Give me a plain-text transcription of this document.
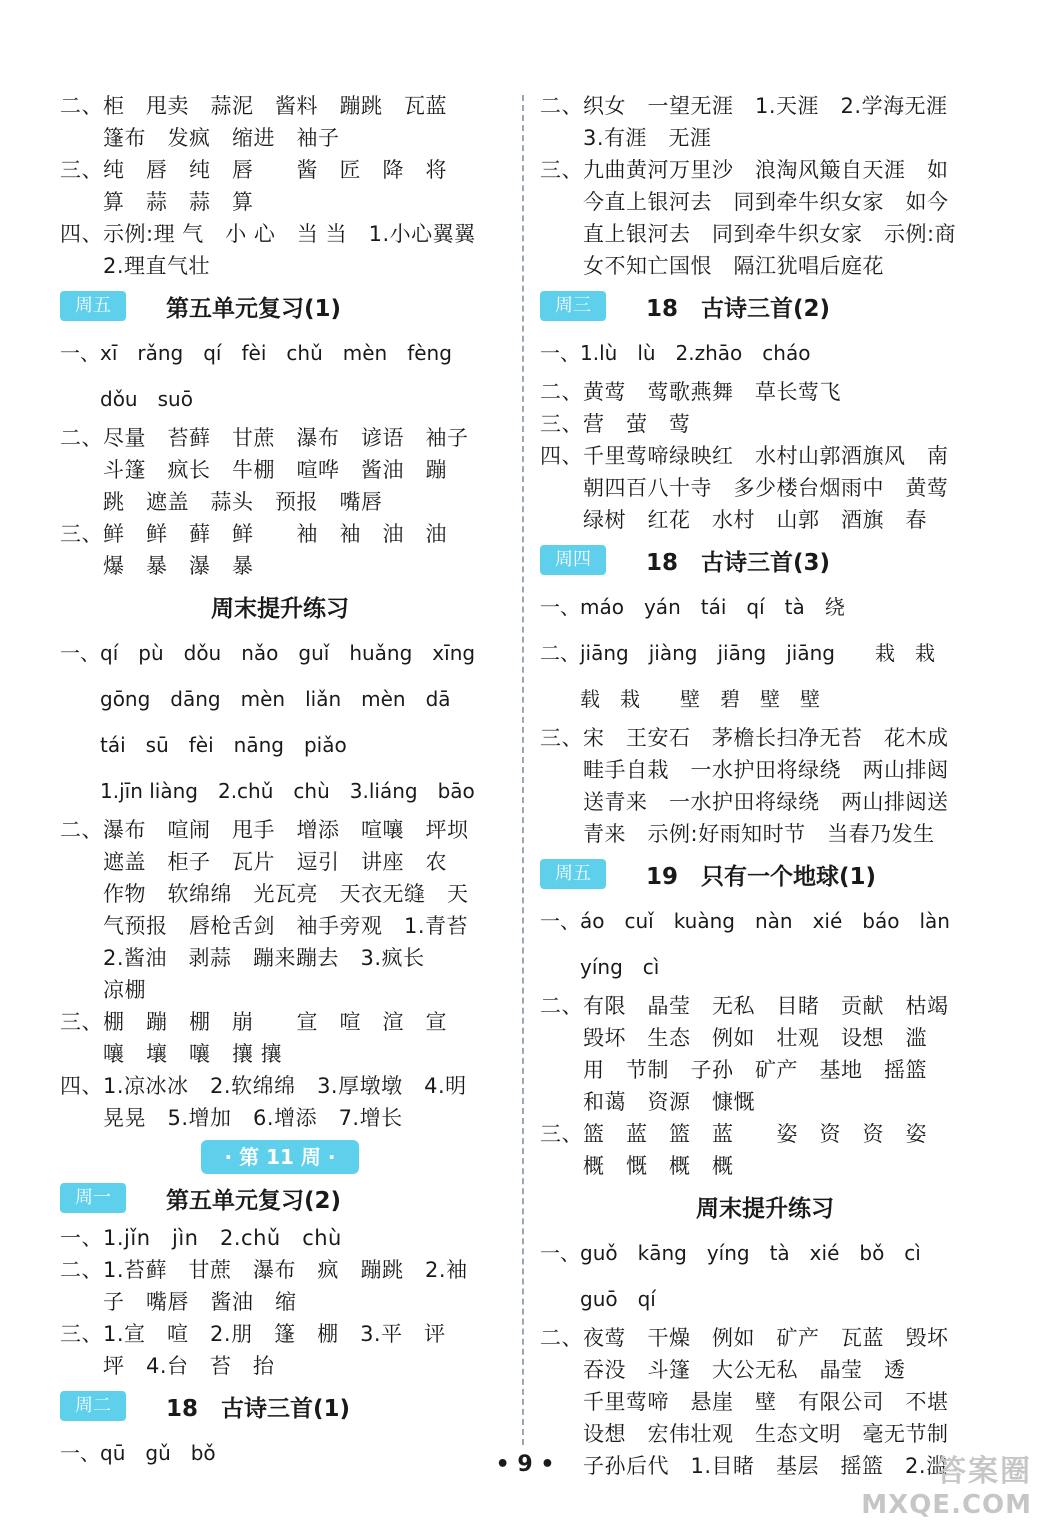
二、柜　甩卖　蒜泥　酱料　蹦跳　瓦蓝
　　篷布　发疯　缩进　袖子
三、纯　唇　纯　唇　　酱　匠　降　将
　　算　蒜　蒜　算
四、示例:理 气　小 心　当 当　1.小心翼翼
　　2.理直气壮
周五	第五单元复习(1)
一、xī　rǎng　qí　fèi　chǔ　mèn　fèng
　　dǒu　suō
二、尽量　苔藓　甘蔗　瀑布　谚语　袖子
　　斗篷　疯长　牛棚　喧哗　酱油　蹦
　　跳　遮盖　蒜头　预报　嘴唇
三、鲜　鲜　藓　鲜　　袖　袖　油　油
　　爆　暴　瀑　暴
周末提升练习
一、qí　pù　dǒu　nǎo　guǐ　huǎng　xīng
　　gōng　dāng　mèn　liǎn　mèn　dā
　　tái　sū　fèi　nāng　piǎo
　　1.jīn liàng　2.chǔ　chù　3.liáng　bāo
二、瀑布　喧闹　甩手　增添　喧嚷　坪坝
　　遮盖　柜子　瓦片　逗引　讲座　农
　　作物　软绵绵　光瓦亮　天衣无缝　天
　　气预报　唇枪舌剑　袖手旁观　1.青苔
　　2.酱油　剥蒜　蹦来蹦去　3.疯长
　　凉棚
三、棚　蹦　棚　崩　　宣　喧　渲　宣
　　嚷　壤　嚷　攘 攘
四、1.凉冰冰　2.软绵绵　3.厚墩墩　4.明
　　晃晃　5.增加　6.增添　7.增长
· 第 11 周 ·
周一	第五单元复习(2)
一、1.jǐn　jìn　2.chǔ　chù
二、1.苔藓　甘蔗　瀑布　疯　蹦跳　2.袖
　　子　嘴唇　酱油　缩
三、1.宣　喧　2.朋　篷　棚　3.平　评
　　坪　4.台　苔　抬
周二	18　古诗三首(1)
一、qū　gǔ　bǒ
二、织女　一望无涯　1.天涯　2.学海无涯
　　3.有涯　无涯
三、九曲黄河万里沙　浪淘风簸自天涯　如
　　今直上银河去　同到牵牛织女家　如今
　　直上银河去　同到牵牛织女家　示例:商
　　女不知亡国恨　隔江犹唱后庭花
周三	18　古诗三首(2)
一、1.lù　lù　2.zhāo　cháo
二、黄莺　莺歌燕舞　草长莺飞
三、营　萤　莺
四、千里莺啼绿映红　水村山郭酒旗风　南
　　朝四百八十寺　多少楼台烟雨中　黄莺
　　绿树　红花　水村　山郭　酒旗　春
周四	18　古诗三首(3)
一、máo　yán　tái　qí　tà　绕
二、jiāng　jiàng　jiāng　jiāng　　栽　栽
　　载　栽　　壁　碧　壁　壁
三、宋　王安石　茅檐长扫净无苔　花木成
　　畦手自栽　一水护田将绿绕　两山排闼
　　送青来　一水护田将绿绕　两山排闼送
　　青来　示例:好雨知时节　当春乃发生
周五	19　只有一个地球(1)
一、áo　cuǐ　kuàng　nàn　xié　báo　làn
　　yíng　cì
二、有限　晶莹　无私　目睹　贡献　枯竭
　　毁坏　生态　例如　壮观　设想　滥
　　用　节制　子孙　矿产　基地　摇篮
　　和蔼　资源　慷慨
三、篮　蓝　篮　蓝　　姿　资　资　姿
　　概　慨　概　概
周末提升练习
一、guǒ　kāng　yíng　tà　xié　bǒ　cì
　　guō　qí
二、夜莺　干燥　例如　矿产　瓦蓝　毁坏
　　吞没　斗篷　大公无私　晶莹　透
　　千里莺啼　悬崖　壁　有限公司　不堪
　　设想　宏伟壮观　生态文明　毫无节制
　　子孙后代　1.目睹　基层　摇篮　2.滥
• 9 •	答案圈
MXQE.COM
